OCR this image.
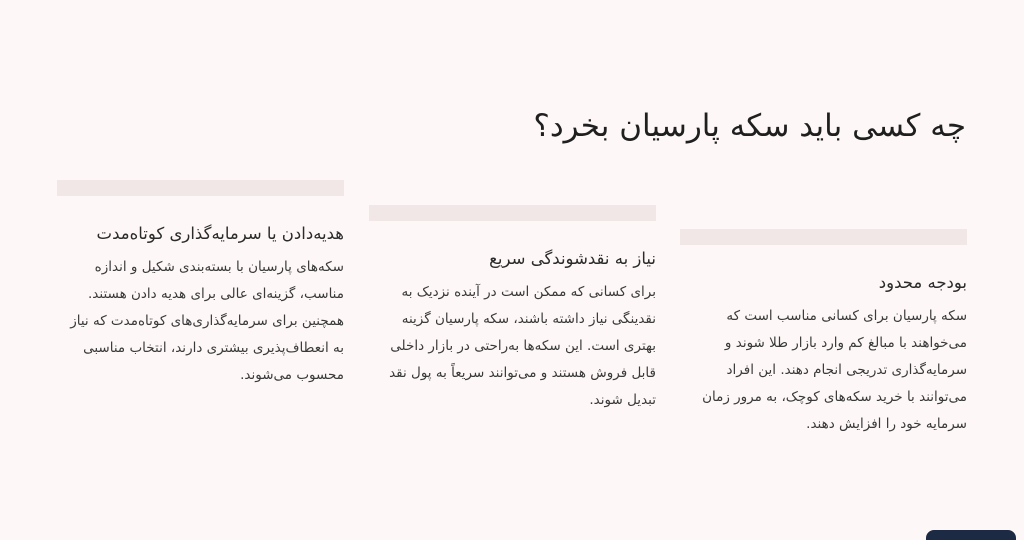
چه کسی باید سکه پارسیان بخرد؟
بودجه محدود

سکه پارسیان برای کسانی مناسب است که می‌خواهند با مبالغ کم وارد بازار طلا شوند و سرمایه‌گذاری تدریجی انجام دهند. این افراد می‌توانند با خرید سکه‌های کوچک، به مرور زمان سرمایه خود را افزایش دهند.

نیاز به نقدشوندگی سریع

برای کسانی که ممکن است در آینده نزدیک به نقدینگی نیاز داشته باشند، سکه پارسیان گزینه بهتری است. این سکه‌ها به‌راحتی در بازار داخلی قابل فروش هستند و می‌توانند سریعاً به پول نقد تبدیل شوند.

هدیه‌دادن یا سرمایه‌گذاری کوتاه‌مدت

سکه‌های پارسیان با بسته‌بندی شکیل و اندازه مناسب، گزینه‌ای عالی برای هدیه دادن هستند. همچنین برای سرمایه‌گذاری‌های کوتاه‌مدت که نیاز به انعطاف‌پذیری بیشتری دارند، انتخاب مناسبی محسوب می‌شوند.
